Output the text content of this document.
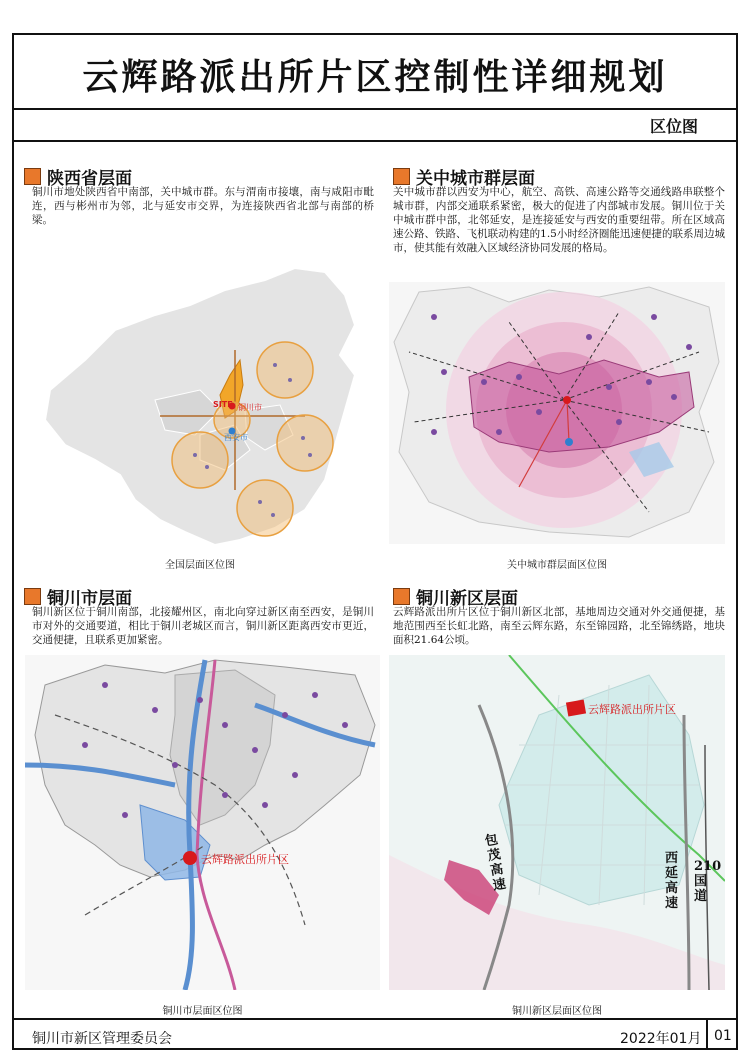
云辉路派出所片区控制性详细规划
区位图
陕西省层面
铜川市地处陕西省中南部，关中城市群。东与渭南市接壤，南与咸阳市毗连，西与彬州市为邻，北与延安市交界，为连接陕西省北部与南部的桥梁。
SITE 铜川市
西安市
全国层面区位图
关中城市群层面
关中城市群以西安为中心，航空、高铁、高速公路等交通线路串联整个城市群，内部交通联系紧密，极大的促进了内部城市发展。铜川位于关中城市群中部，北邻延安，是连接延安与西安的重要纽带。所在区域高速公路、铁路、飞机联动构建的1.5小时经济圈能迅速便捷的联系周边城市，使其能有效融入区域经济协同发展的格局。
关中城市群层面区位图
铜川市层面
铜川新区位于铜川南部，北接耀州区，南北向穿过新区南至西安，是铜川市对外的交通要道，相比于铜川老城区而言，铜川新区距离西安市更近，交通便捷，且联系更加紧密。
云辉路派出所片区
铜川市层面区位图
铜川新区层面
云辉路派出所片区位于铜川新区北部，基地周边交通对外交通便捷，基地范围西至长虹北路，南至云辉东路，东至锦园路，北至锦绣路，地块面积21.64公顷。
云辉路派出所片区
包茂高速
西延高速
210国道
铜川新区层面区位图
铜川市新区管理委员会	2022年01月 01
